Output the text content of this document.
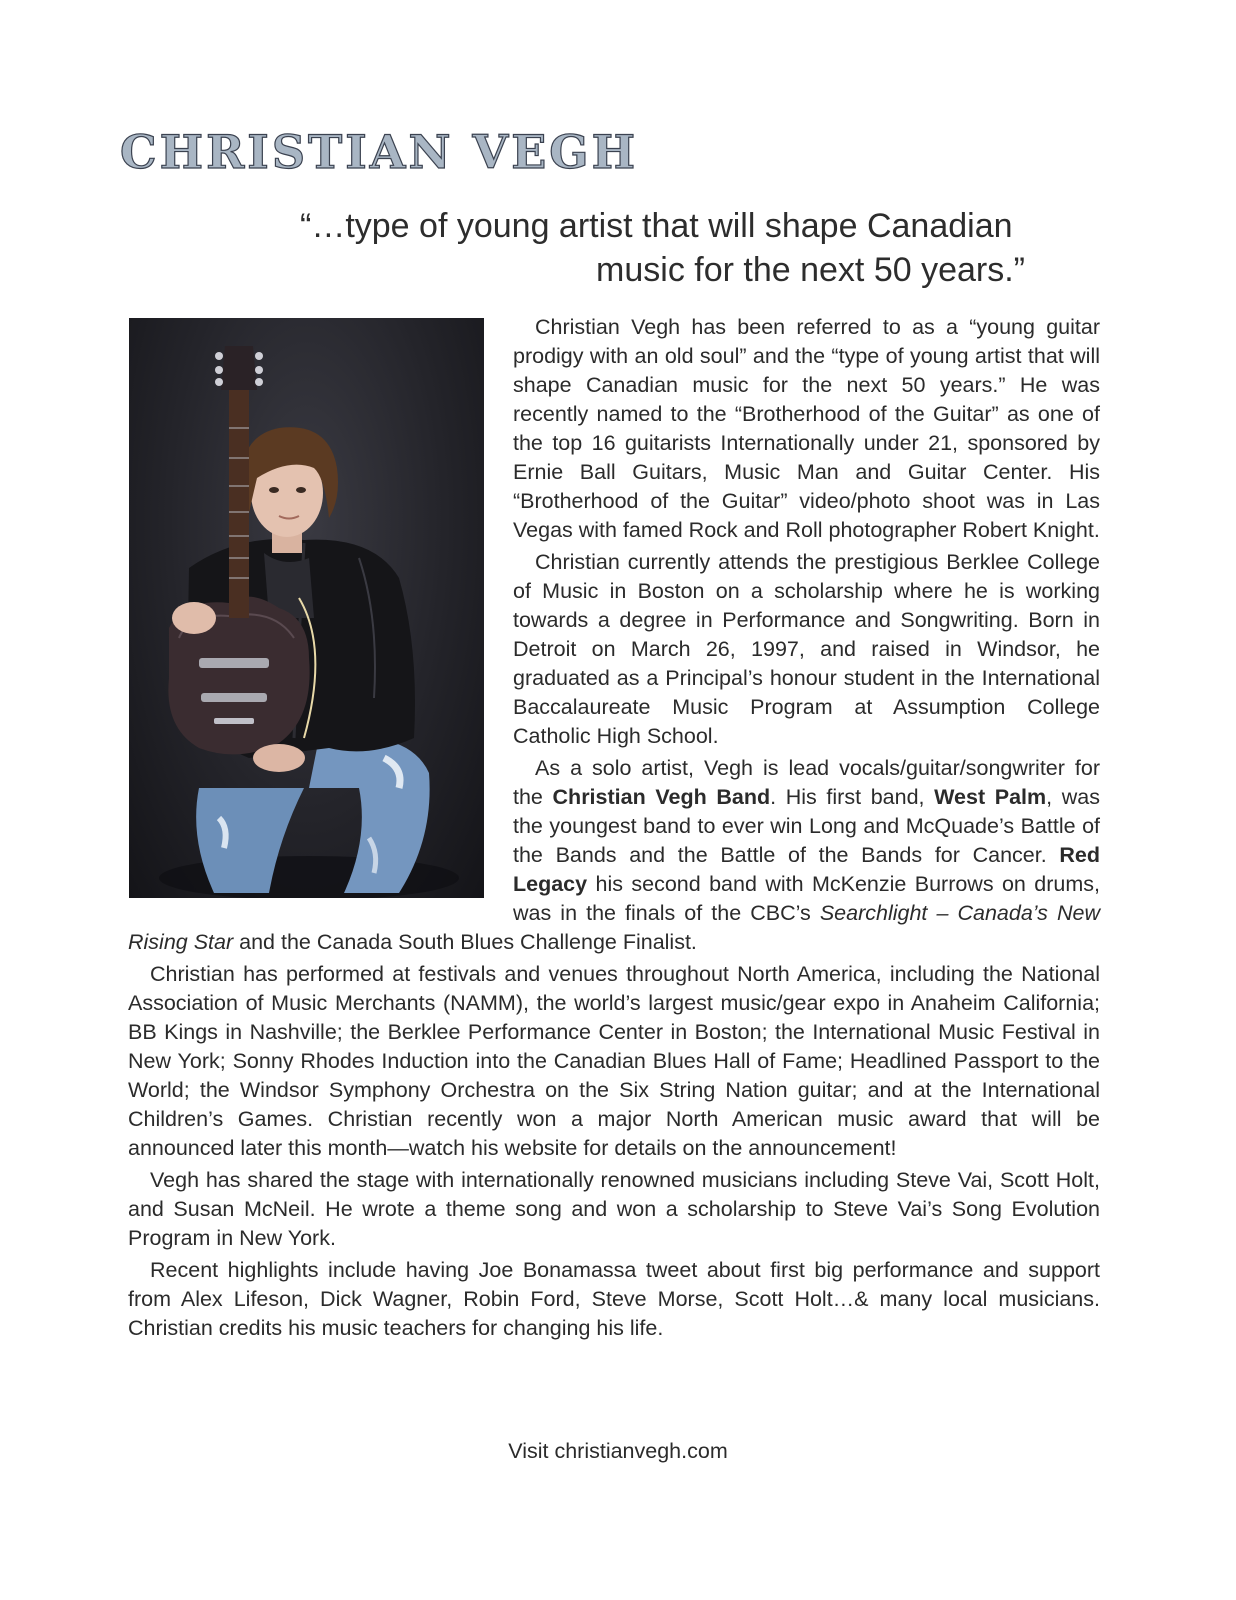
CHRISTIAN VEGH
“…type of young artist that will shape Canadian
music for the next 50 years.”

Christian Vegh has been referred to as a “young guitar prodigy with an old soul” and the “type of young artist that will shape Canadian music for the next 50 years.” He was recently named to the “Brotherhood of the Guitar” as one of the top 16 guitarists Internationally under 21, sponsored by Ernie Ball Guitars, Music Man and Guitar Center. His “Brotherhood of the Guitar” video/photo shoot was in Las Vegas with famed Rock and Roll photographer Robert Knight.

Christian currently attends the prestigious Berklee College of Music in Boston on a scholarship where he is working towards a degree in Performance and Songwriting. Born in Detroit on March 26, 1997, and raised in Windsor, he graduated as a Principal’s honour student in the International Baccalaureate Music Program at Assumption College Catholic High School.

As a solo artist, Vegh is lead vocals/guitar/songwriter for the Christian Vegh Band. His first band, West Palm, was the youngest band to ever win Long and McQuade’s Battle of the Bands and the Battle of the Bands for Cancer. Red Legacy his second band with McKenzie Burrows on drums, was in the finals of the CBC’s Searchlight – Canada’s New Rising Star and the Canada South Blues Challenge Finalist.

Christian has performed at festivals and venues throughout North America, including the National Association of Music Merchants (NAMM), the world’s largest music/gear expo in Anaheim California; BB Kings in Nashville; the Berklee Performance Center in Boston; the International Music Festival in New York; Sonny Rhodes Induction into the Canadian Blues Hall of Fame; Headlined Passport to the World; the Windsor Symphony Orchestra on the Six String Nation guitar; and at the International Children’s Games. Christian recently won a major North American music award that will be announced later this month—watch his website for details on the announcement!

Vegh has shared the stage with internationally renowned musicians including Steve Vai, Scott Holt, and Susan McNeil. He wrote a theme song and won a scholarship to Steve Vai’s Song Evolution Program in New York.

Recent highlights include having Joe Bonamassa tweet about first big performance and support from Alex Lifeson, Dick Wagner, Robin Ford, Steve Morse, Scott Holt…& many local musicians. Christian credits his music teachers for changing his life.

Visit christianvegh.com
